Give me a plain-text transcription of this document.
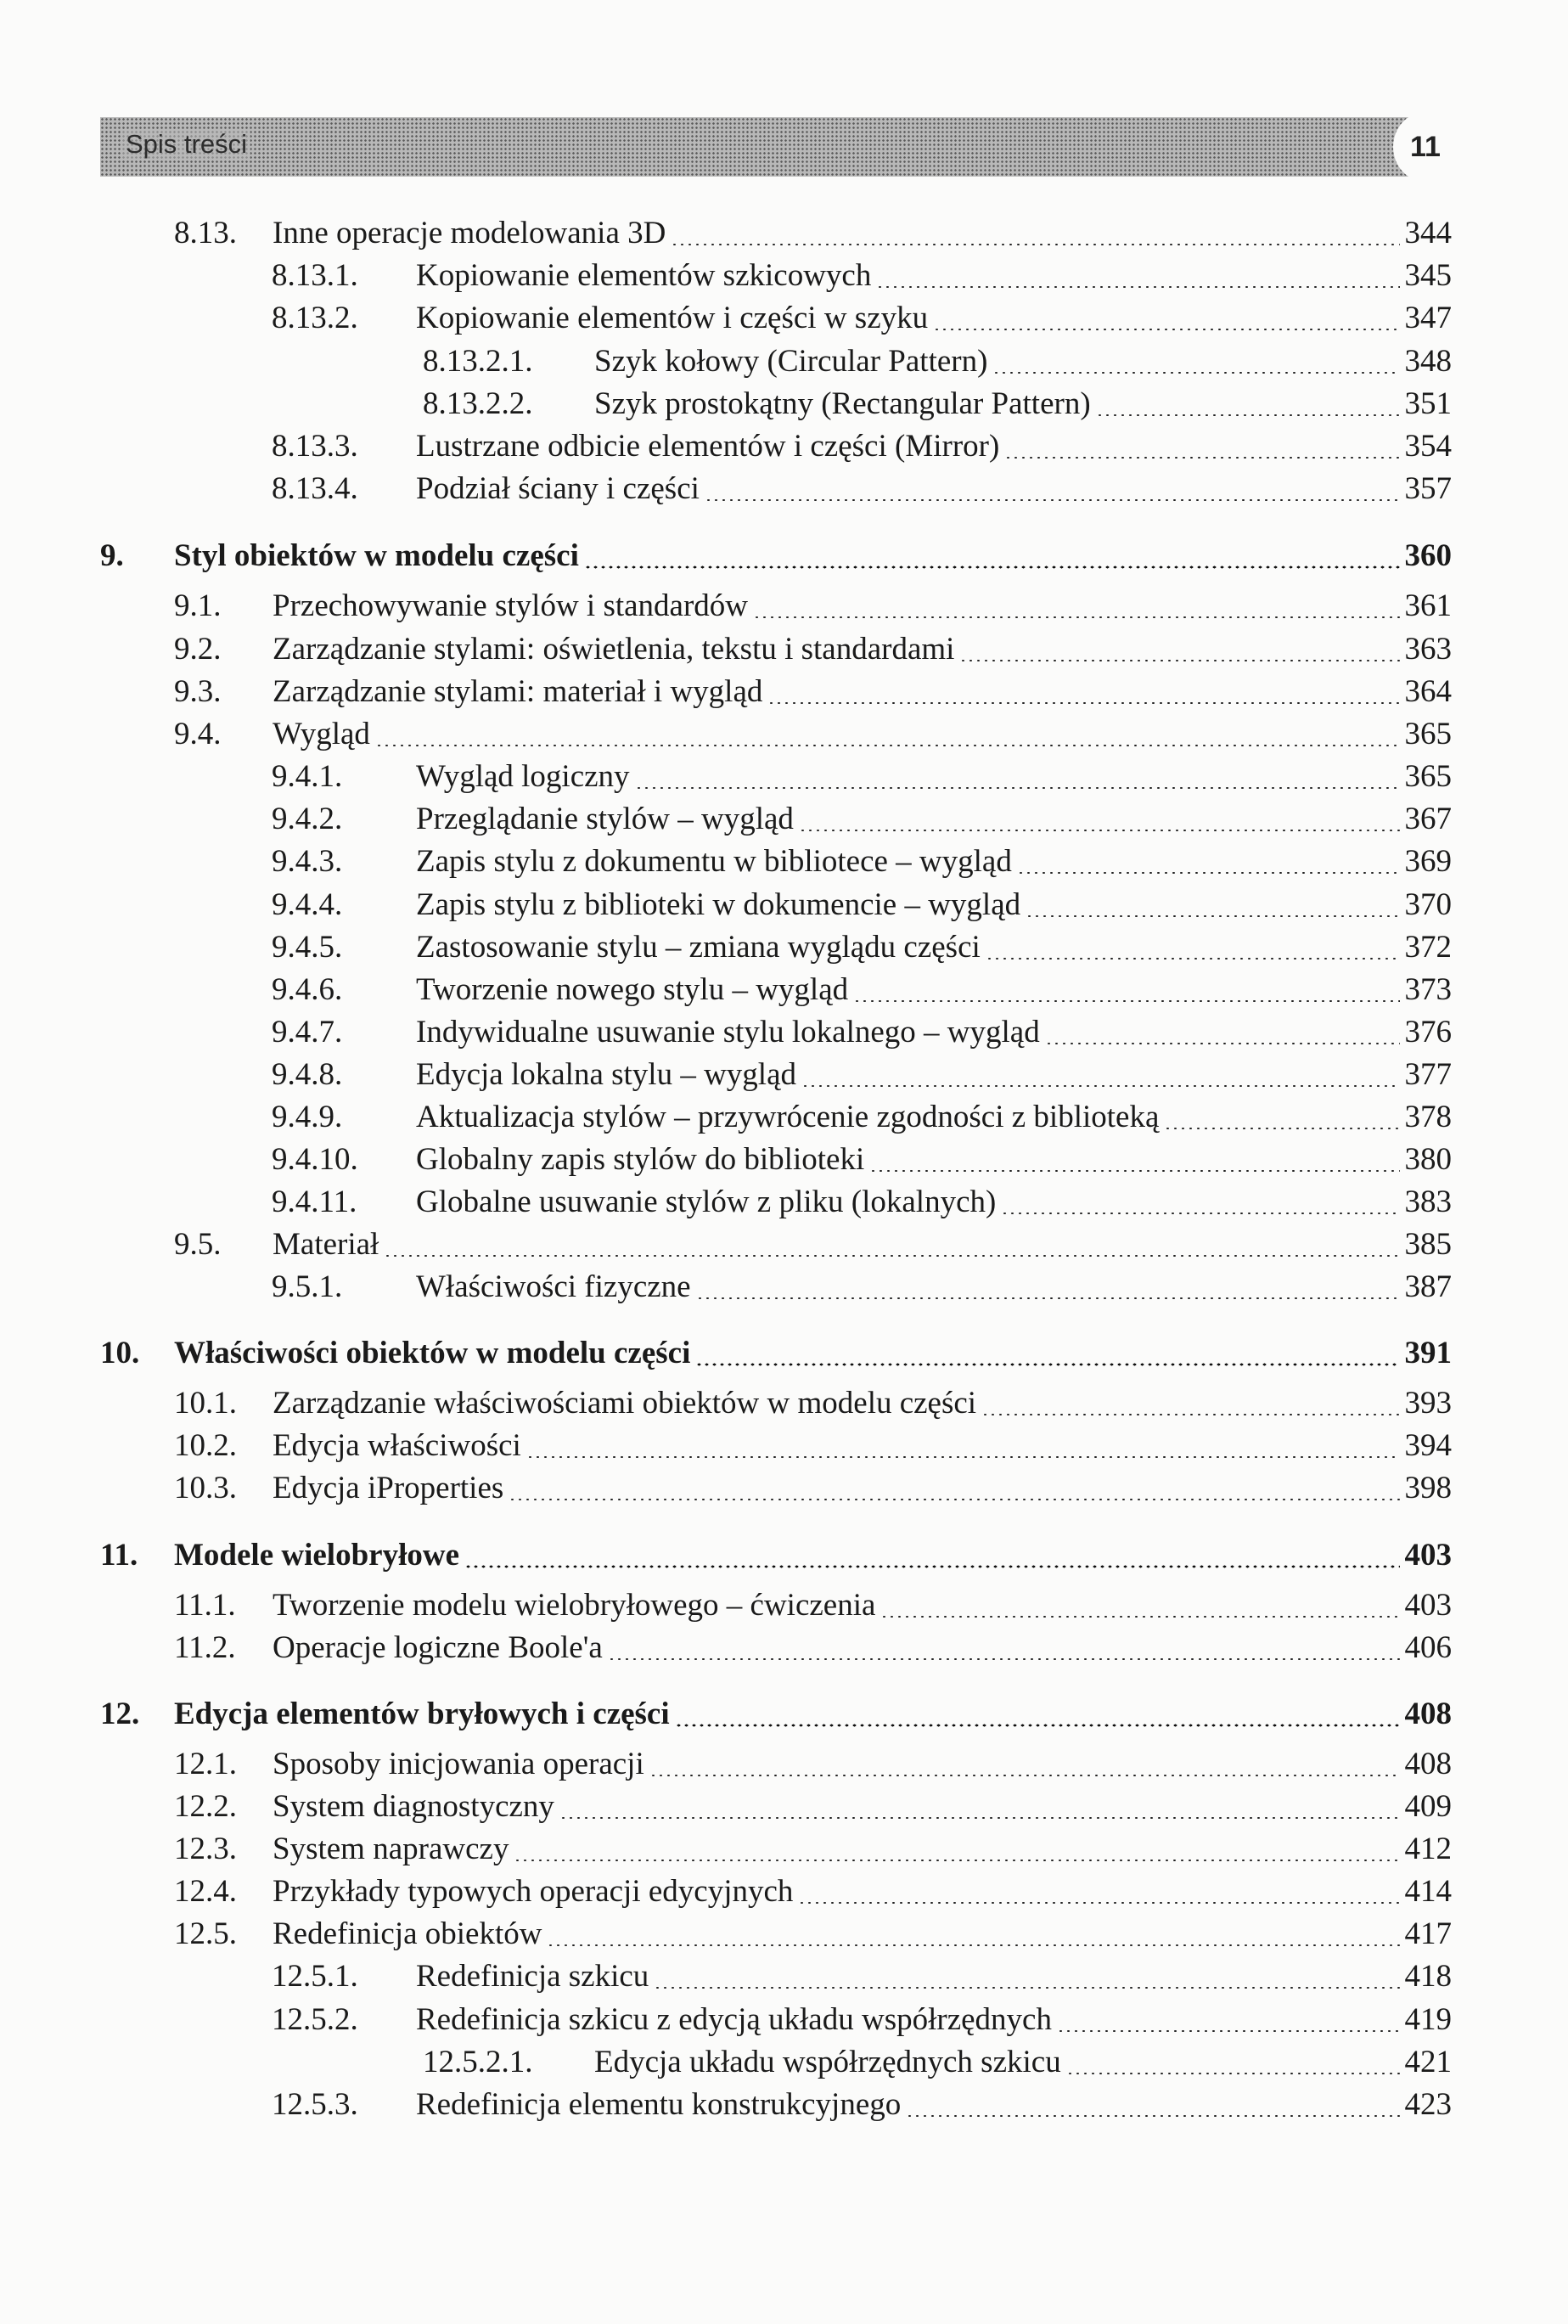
Spis treści	11
8.13. Inne operacje modelowania 3D	344
8.13.1. Kopiowanie elementów szkicowych	345
8.13.2. Kopiowanie elementów i części w szyku	347
8.13.2.1. Szyk kołowy (Circular Pattern)	348
8.13.2.2. Szyk prostokątny (Rectangular Pattern)	351
8.13.3. Lustrzane odbicie elementów i części (Mirror)	354
8.13.4. Podział ściany i części	357
9. Styl obiektów w modelu części	360
9.1. Przechowywanie stylów i standardów	361
9.2. Zarządzanie stylami: oświetlenia, tekstu i standardami	363
9.3. Zarządzanie stylami: materiał i wygląd	364
9.4. Wygląd	365
9.4.1. Wygląd logiczny	365
9.4.2. Przeglądanie stylów – wygląd	367
9.4.3. Zapis stylu z dokumentu w bibliotece – wygląd	369
9.4.4. Zapis stylu z biblioteki w dokumencie – wygląd	370
9.4.5. Zastosowanie stylu – zmiana wyglądu części	372
9.4.6. Tworzenie nowego stylu – wygląd	373
9.4.7. Indywidualne usuwanie stylu lokalnego – wygląd	376
9.4.8. Edycja lokalna stylu – wygląd	377
9.4.9. Aktualizacja stylów – przywrócenie zgodności z biblioteką	378
9.4.10. Globalny zapis stylów do biblioteki	380
9.4.11. Globalne usuwanie stylów z pliku (lokalnych)	383
9.5. Materiał	385
9.5.1. Właściwości fizyczne	387
10. Właściwości obiektów w modelu części	391
10.1. Zarządzanie właściwościami obiektów w modelu części	393
10.2. Edycja właściwości	394
10.3. Edycja iProperties	398
11. Modele wielobryłowe	403
11.1. Tworzenie modelu wielobryłowego – ćwiczenia	403
11.2. Operacje logiczne Boole'a	406
12. Edycja elementów bryłowych i części	408
12.1. Sposoby inicjowania operacji	408
12.2. System diagnostyczny	409
12.3. System naprawczy	412
12.4. Przykłady typowych operacji edycyjnych	414
12.5. Redefinicja obiektów	417
12.5.1. Redefinicja szkicu	418
12.5.2. Redefinicja szkicu z edycją układu współrzędnych	419
12.5.2.1. Edycja układu współrzędnych szkicu	421
12.5.3. Redefinicja elementu konstrukcyjnego	423
